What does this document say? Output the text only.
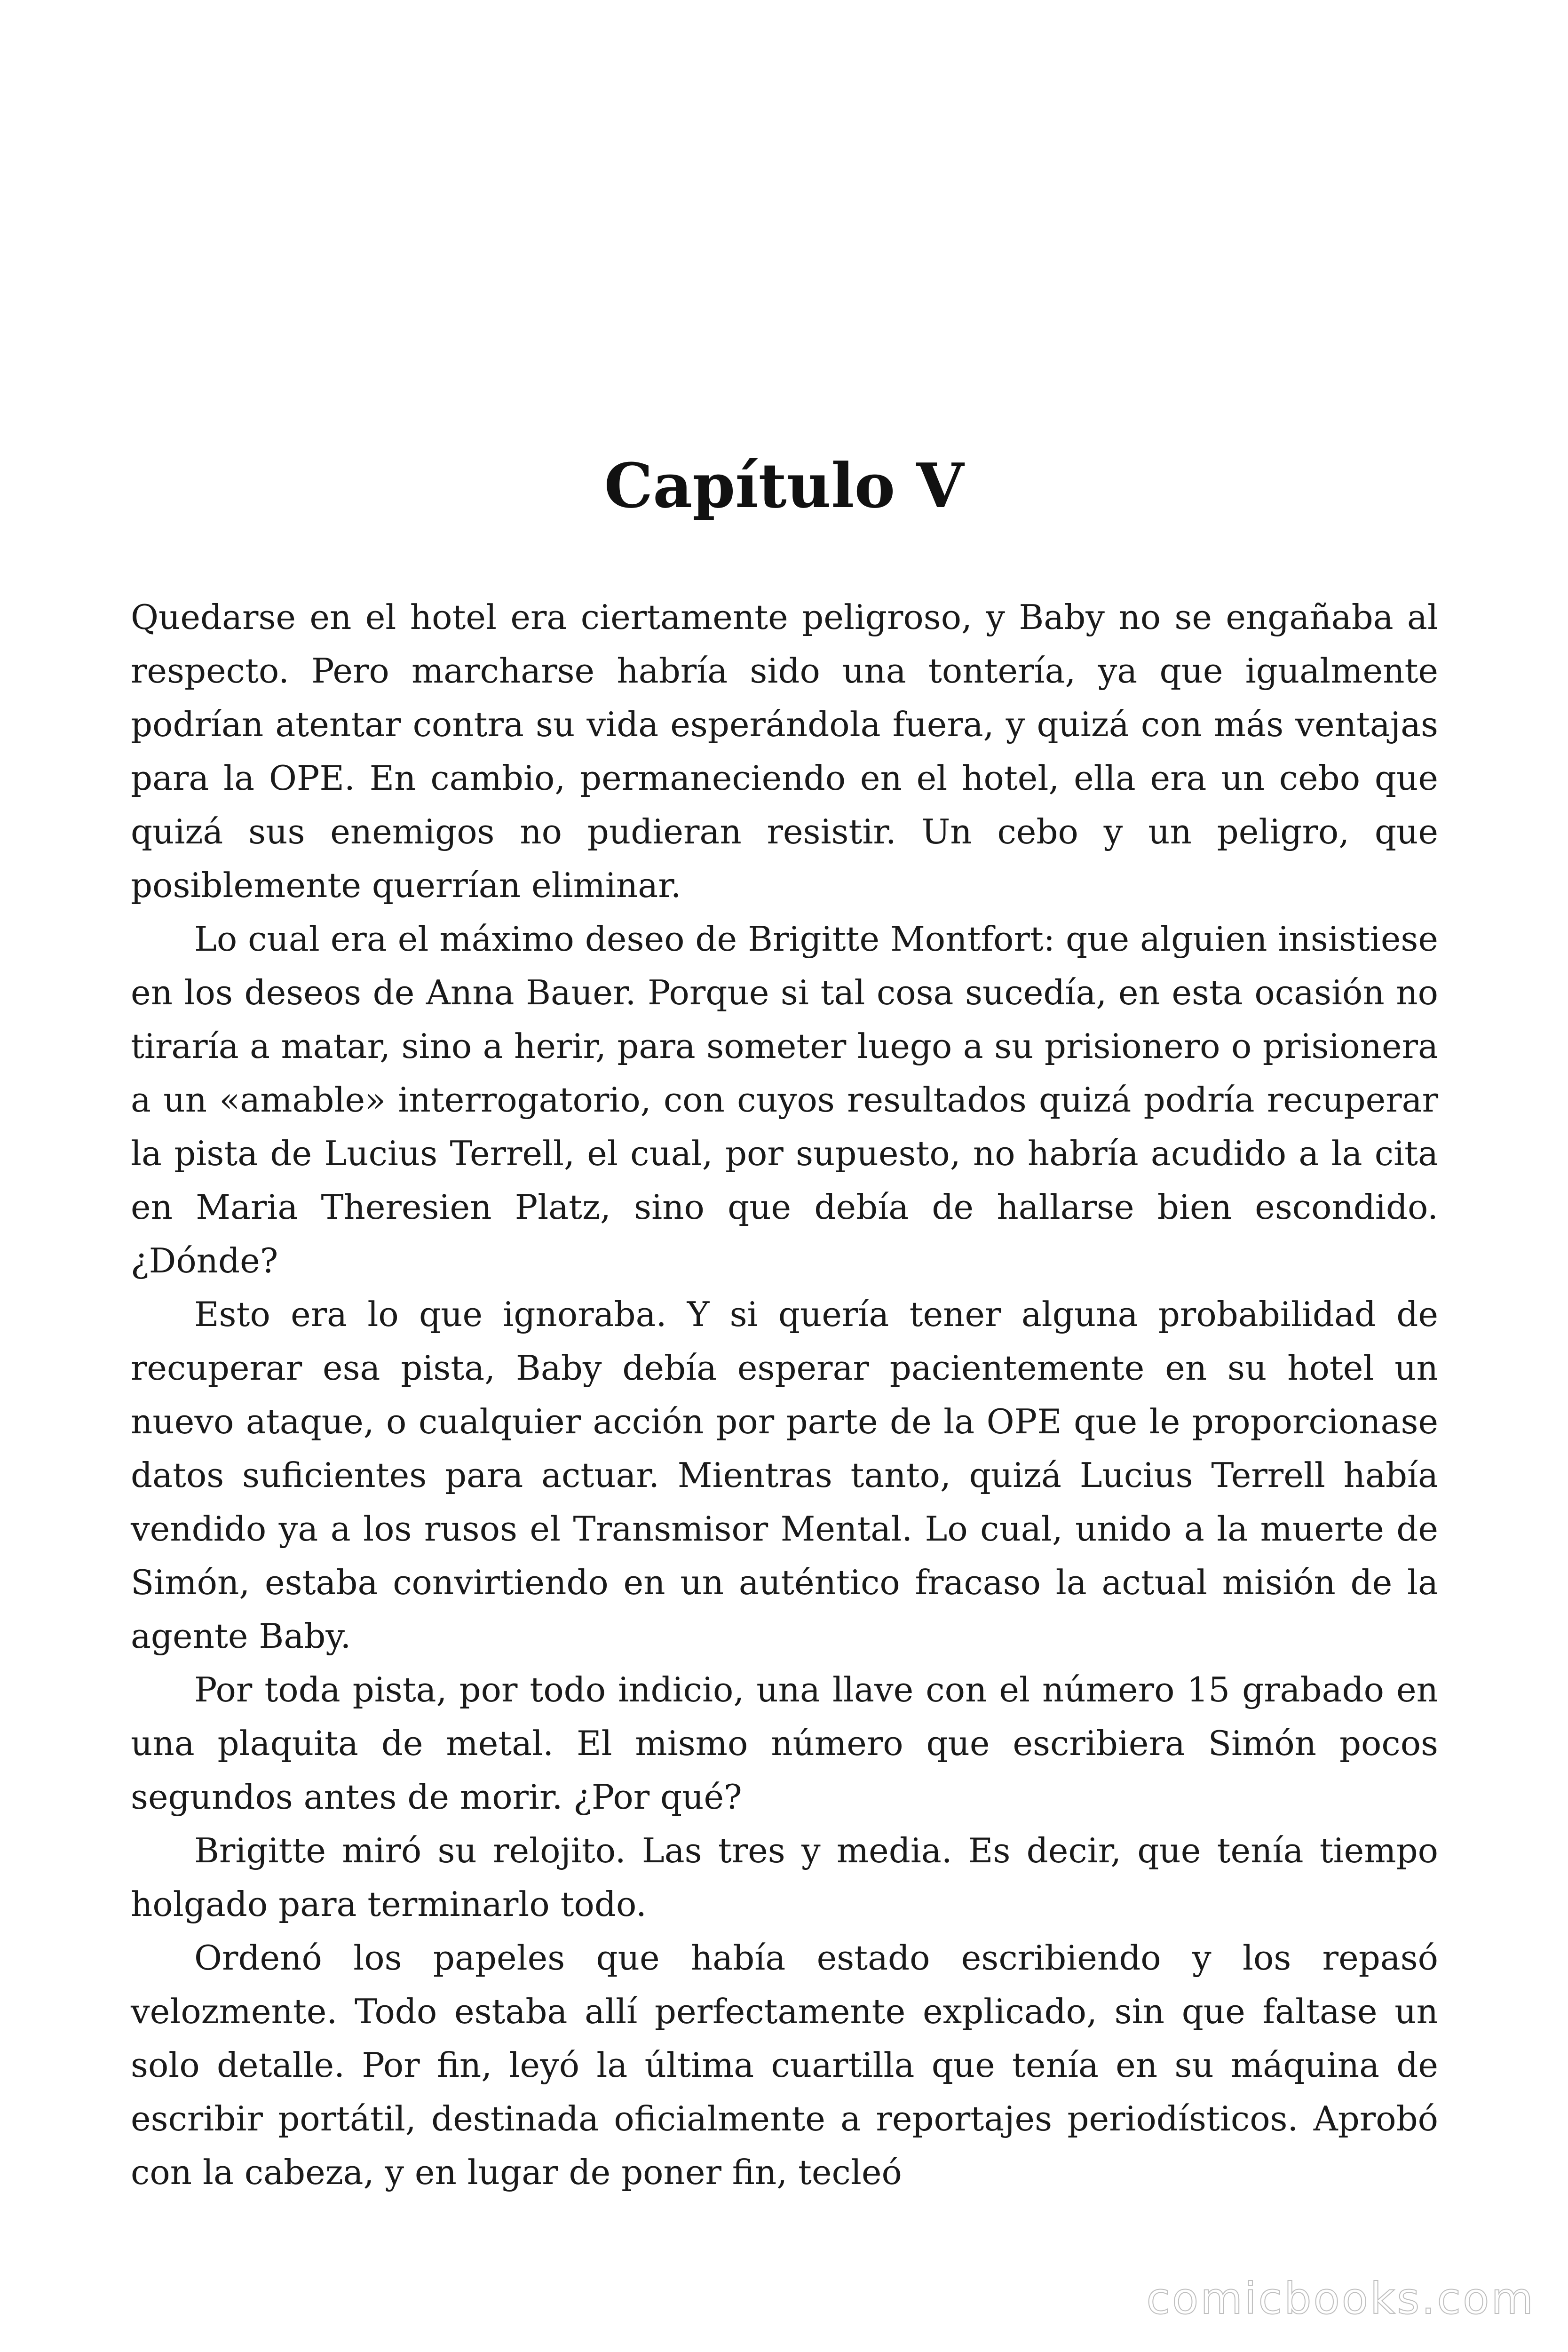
Capítulo V

Quedarse en el hotel era ciertamente peligroso, y Baby no se engañaba al respecto. Pero marcharse habría sido una tontería, ya que igualmente podrían atentar contra su vida esperándola fuera, y quizá con más ventajas para la OPE. En cambio, permaneciendo en el hotel, ella era un cebo que quizá sus enemigos no pudieran resistir. Un cebo y un peligro, que posiblemente querrían eliminar.

Lo cual era el máximo deseo de Brigitte Montfort: que alguien insistiese en los deseos de Anna Bauer. Porque si tal cosa sucedía, en esta ocasión no tiraría a matar, sino a herir, para someter luego a su prisionero o prisionera a un «amable» interrogatorio, con cuyos resultados quizá podría recuperar la pista de Lucius Terrell, el cual, por supuesto, no habría acudido a la cita en Maria Theresien Platz, sino que debía de hallarse bien escondido. ¿Dónde?

Esto era lo que ignoraba. Y si quería tener alguna probabilidad de recuperar esa pista, Baby debía esperar pacientemente en su hotel un nuevo ataque, o cualquier acción por parte de la OPE que le proporcionase datos suficientes para actuar. Mientras tanto, quizá Lucius Terrell había vendido ya a los rusos el Transmisor Mental. Lo cual, unido a la muerte de Simón, estaba convirtiendo en un auténtico fracaso la actual misión de la agente Baby.

Por toda pista, por todo indicio, una llave con el número 15 grabado en una plaquita de metal. El mismo número que escribiera Simón pocos segundos antes de morir. ¿Por qué?

Brigitte miró su relojito. Las tres y media. Es decir, que tenía tiempo holgado para terminarlo todo.

Ordenó los papeles que había estado escribiendo y los repasó velozmente. Todo estaba allí perfectamente explicado, sin que faltase un solo detalle. Por fin, leyó la última cuartilla que tenía en su máquina de escribir portátil, destinada oficialmente a reportajes periodísticos. Aprobó con la cabeza, y en lugar de poner fin, tecleó

comicbooks.com
